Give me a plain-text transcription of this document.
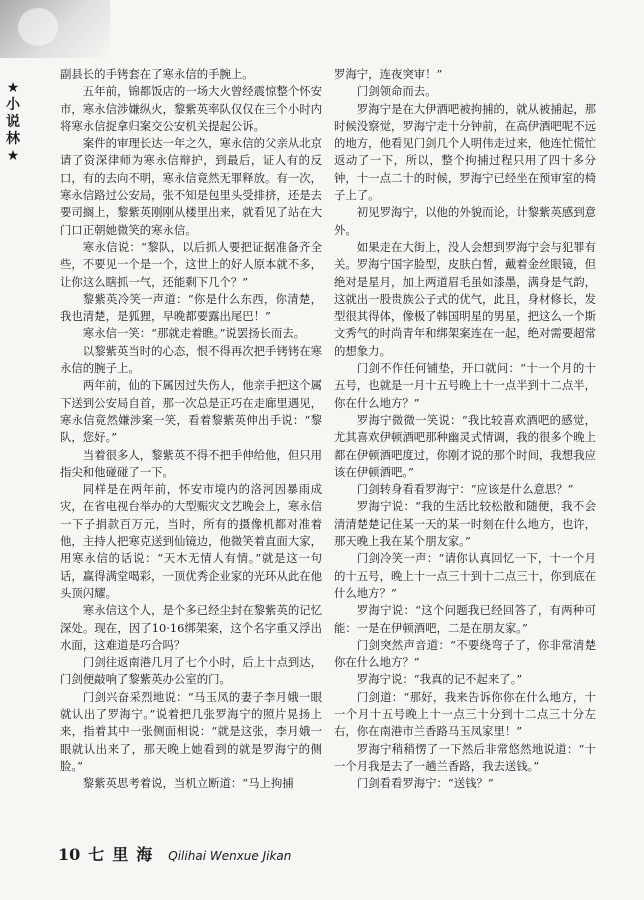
★
小
说
林
★

副县长的手铐套在了寒永信的手腕上。

五年前，锦都饭店的一场大火曾经震惊整个怀安市，寒永信涉嫌纵火，黎紫英率队仅仅在三个小时内将寒永信捉拿归案交公安机关提起公诉。

案件的审理长达一年之久，寒永信的父亲从北京请了资深律师为寒永信辩护，到最后，证人有的反口，有的去向不明，寒永信竟然无罪释放。有一次，寒永信路过公安局，张不知是包里头受排挤，还是去要司搁上，黎紫英刚刚从楼里出来，就看见了站在大门口正朝她微笑的寒永信。

寒永信说：“黎队，以后抓人要把证据准备齐全些，不要见一个是一个，这世上的好人原本就不多，让你这么瞎抓一气，还能剩下几个？”

黎紫英冷笑一声道：“你是什么东西，你清楚，我也清楚，是狐狸，早晚都要露出尾巴！”

寒永信一笑：“那就走着瞧。”说罢扬长而去。

以黎紫英当时的心态，恨不得再次把手铐铐在寒永信的腕子上。

两年前，仙的下属因过失伤人，他亲手把这个属下送到公安局自首，那一次总是正巧在走廊里遇见，寒永信竟然嫌涉案一笑，看着黎紫英伸出手说：“黎队，您好。”

当着很多人，黎紫英不得不把手伸给他，但只用指尖和他碰碰了一下。

同样是在两年前，怀安市境内的洛河因暴雨成灾，在省电视台举办的大型赈灾文艺晚会上，寒永信一下子捐款百万元，当时，所有的摄像机都对准着他，主持人把寒克送到仙镜边，他微笑着直面大家，用寒永信的话说：“天木无情人有情。”就是这一句话，赢得满堂喝彩，一顶优秀企业家的光环从此在他头顶闪耀。

寒永信这个人，是个多已经尘封在黎紫英的记忆深处。现在，因了10·16绑架案，这个名字重又浮出水面，这难道是巧合吗？

门剑往返南港几月了七个小时，后上十点到达，门剑便敲响了黎紫英办公室的门。

门剑兴奋采烈地说：“马玉凤的妻子李月娥一眼就认出了罗海宁。”说着把几张罗海宁的照片晃扬上来，指着其中一张侧面相说：“就是这张，李月娥一眼就认出来了，那天晚上她看到的就是罗海宁的侧脸。”

黎紫英思考着说，当机立断道：“马上拘捕

罗海宁，连夜突审！”

门剑领命而去。

罗海宁是在大伊酒吧被拘捕的，就从被捕起，那时候没察觉，罗海宁走十分钟前，在高伊酒吧呢不远的地方，他看见门剑几个人明伟走过来，他连忙慌忙返动了一下，所以，整个拘捕过程只用了四十多分钟，十一点二十的时候，罗海宁已经坐在预审室的椅子上了。

初见罗海宁，以他的外貌而论，计黎紫英感到意外。

如果走在大街上，没人会想到罗海宁会与犯罪有关。罗海宁国字脸型，皮肤白皙，戴着金丝眼镜，但绝对是星月，加上两道眉毛虽如漆墨，满身是气韵，这就出一股贵族公子式的优气，此且，身材修长，发型很其得体，像极了韩国明星的男星，把这么一个斯文秀气的时尚青年和绑架案连在一起，绝对需要超常的想象力。

门剑不作任何铺垫，开口就问：“十一个月的十五号，也就是一月十五号晚上十一点半到十二点半，你在什么地方？”

罗海宁微微一笑说：“我比较喜欢酒吧的感觉，尤其喜欢伊顿酒吧那种幽灵式情调，我的很多个晚上都在伊顿酒吧度过，你刚才说的那个时间，我想我应该在伊顿酒吧。”

门剑转身看看罗海宁：“应该是什么意思？”

罗海宁说：“我的生活比较松散和随便，我不会清清楚楚记住某一天的某一时刻在什么地方，也许，那天晚上我在某个朋友家。”

门剑冷笑一声：“请你认真回忆一下，十一个月的十五号，晚上十一点三十到十二点三十，你到底在什么地方？”

罗海宁说：“这个问题我已经回答了，有两种可能：一是在伊顿酒吧，二是在朋友家。”

门剑突然声音道：“不要绕弯子了，你非常清楚你在什么地方？”

罗海宁说：“我真的记不起来了。”

门剑道：“那好，我来告诉你你在什么地方，十一个月十五号晚上十一点三十分到十二点三十分左右，你在南港市兰香路马玉凤家里！”

罗海宁稍稍愣了一下然后非常悠然地说道：“十一个月我是去了一趟兰香路，我去送钱。”

门剑看看罗海宁：“送钱？”

10 七里海 Qilihai Wenxue Jikan
